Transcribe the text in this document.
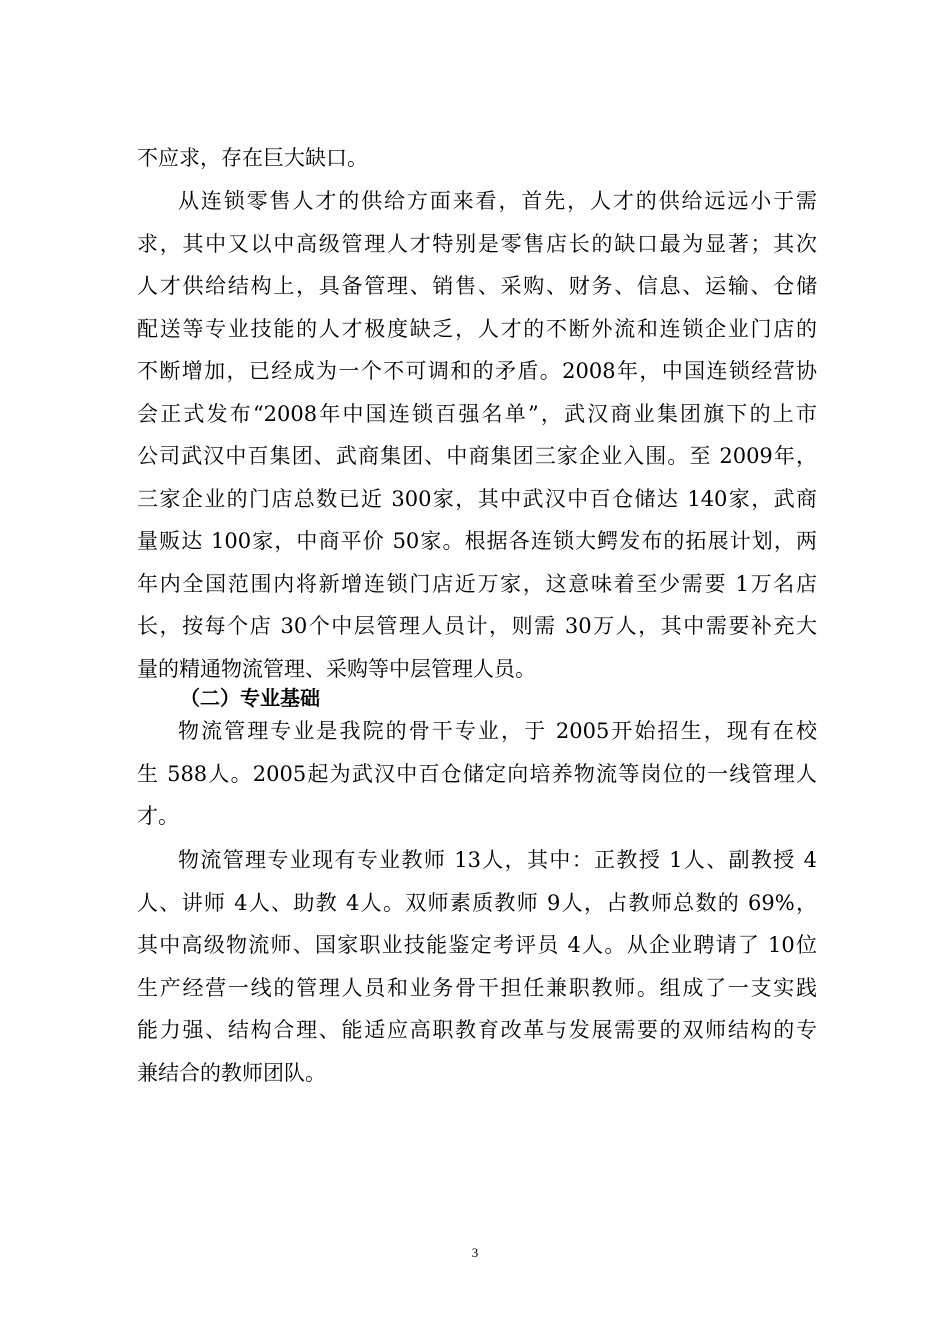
不应求，存在巨大缺口。
从连锁零售人才的供给方面来看，首先，人才的供给远远小于需
求，其中又以中高级管理人才特别是零售店长的缺口最为显著；其次
人才供给结构上，具备管理、销售、采购、财务、信息、运输、仓储
配送等专业技能的人才极度缺乏，人才的不断外流和连锁企业门店的
不断增加，已经成为一个不可调和的矛盾。2008年，中国连锁经营协
会正式发布“2008年中国连锁百强名单”，武汉商业集团旗下的上市
公司武汉中百集团、武商集团、中商集团三家企业入围。至 2009年，
三家企业的门店总数已近 300家，其中武汉中百仓储达 140家，武商
量贩达 100家，中商平价 50家。根据各连锁大鳄发布的拓展计划，两
年内全国范围内将新增连锁门店近万家，这意味着至少需要 1万名店
长，按每个店 30个中层管理人员计，则需 30万人，其中需要补充大
量的精通物流管理、采购等中层管理人员。
（二）专业基础
物流管理专业是我院的骨干专业，于 2005开始招生，现有在校
生 588人。2005起为武汉中百仓储定向培养物流等岗位的一线管理人
才。
物流管理专业现有专业教师 13人，其中：正教授 1人、副教授 4
人、讲师 4人、助教 4人。双师素质教师 9人，占教师总数的 69%，
其中高级物流师、国家职业技能鉴定考评员 4人。从企业聘请了 10位
生产经营一线的管理人员和业务骨干担任兼职教师。组成了一支实践
能力强、结构合理、能适应高职教育改革与发展需要的双师结构的专
兼结合的教师团队。
3
